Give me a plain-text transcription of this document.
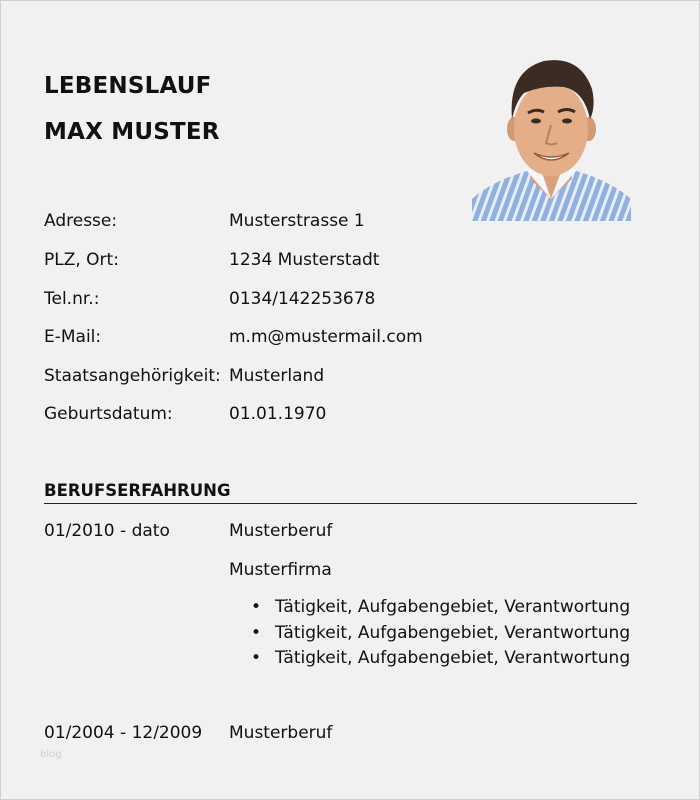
LEBENSLAUF
MAX MUSTER
Adresse:	Musterstrasse 1
PLZ, Ort:	1234 Musterstadt
Tel.nr.:	0134/142253678
E-Mail:	m.m@mustermail.com
Staatsangehörigkeit: Musterland
Geburtsdatum:	01.01.1970
BERUFSERFAHRUNG
01/2010 - dato	Musterberuf
Musterfirma
• Tätigkeit, Aufgabengebiet, Verantwortung
• Tätigkeit, Aufgabengebiet, Verantwortung
• Tätigkeit, Aufgabengebiet, Verantwortung
01/2004 - 12/2009 Musterberuf
blog
